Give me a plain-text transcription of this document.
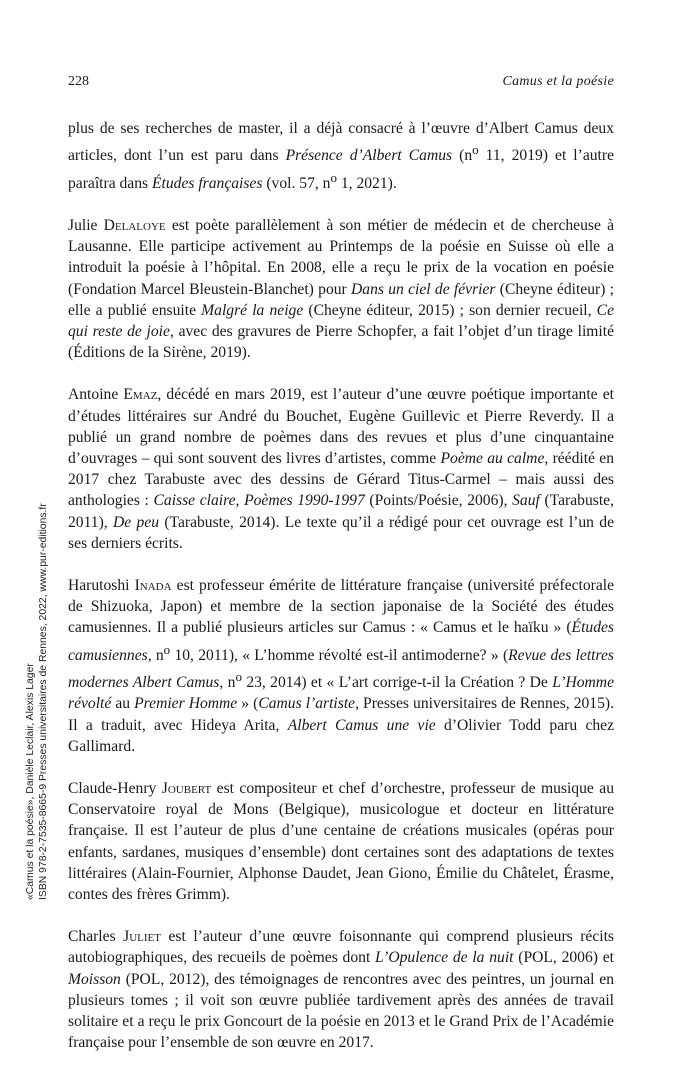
228	Camus et la poésie

plus de ses recherches de master, il a déjà consacré à l’œuvre d’Albert Camus deux articles, dont l’un est paru dans Présence d’Albert Camus ($n^o$ 11, 2019) et l’autre paraîtra dans Études françaises (vol. 57, $n^o$ 1, 2021).

Julie Delaloye est poète parallèlement à son métier de médecin et de chercheuse à Lausanne. Elle participe activement au Printemps de la poésie en Suisse où elle a introduit la poésie à l’hôpital. En 2008, elle a reçu le prix de la vocation en poésie (Fondation Marcel Bleustein-Blanchet) pour Dans un ciel de février (Cheyne éditeur) ; elle a publié ensuite Malgré la neige (Cheyne éditeur, 2015) ; son dernier recueil, Ce qui reste de joie, avec des gravures de Pierre Schopfer, a fait l’objet d’un tirage limité (Éditions de la Sirène, 2019).

Antoine Emaz, décédé en mars 2019, est l’auteur d’une œuvre poétique importante et d’études littéraires sur André du Bouchet, Eugène Guillevic et Pierre Reverdy. Il a publié un grand nombre de poèmes dans des revues et plus d’une cinquantaine d’ouvrages – qui sont souvent des livres d’artistes, comme Poème au calme, réédité en 2017 chez Tarabuste avec des dessins de Gérard Titus-Carmel – mais aussi des anthologies : Caisse claire, Poèmes 1990-1997 (Points/Poésie, 2006), Sauf (Tarabuste, 2011), De peu (Tarabuste, 2014). Le texte qu’il a rédigé pour cet ouvrage est l’un de ses derniers écrits.

Harutoshi Inada est professeur émérite de littérature française (université préfectorale de Shizuoka, Japon) et membre de la section japonaise de la Société des études camusiennes. Il a publié plusieurs articles sur Camus : « Camus et le haïku » (Études camusiennes, $n^o$ 10, 2011), « L’homme révolté est-il antimoderne? » (Revue des lettres modernes Albert Camus, $n^o$ 23, 2014) et « L’art corrige-t-il la Création ? De L’Homme révolté au Premier Homme » (Camus l’artiste, Presses universitaires de Rennes, 2015). Il a traduit, avec Hideya Arita, Albert Camus une vie d’Olivier Todd paru chez Gallimard.

Claude-Henry Joubert est compositeur et chef d’orchestre, professeur de musique au Conservatoire royal de Mons (Belgique), musicologue et docteur en littérature française. Il est l’auteur de plus d’une centaine de créations musicales (opéras pour enfants, sardanes, musiques d’ensemble) dont certaines sont des adaptations de textes littéraires (Alain-Fournier, Alphonse Daudet, Jean Giono, Émilie du Châtelet, Érasme, contes des frères Grimm).

Charles Juliet est l’auteur d’une œuvre foisonnante qui comprend plusieurs récits autobiographiques, des recueils de poèmes dont L’Opulence de la nuit (POL, 2006) et Moisson (POL, 2012), des témoignages de rencontres avec des peintres, un journal en plusieurs tomes ; il voit son œuvre publiée tardivement après des années de travail solitaire et a reçu le prix Goncourt de la poésie en 2013 et le Grand Prix de l’Académie française pour l’ensemble de son œuvre en 2017.

«Camus et la poésie», Danièle Leclair, Alexis Lager ISBN 978-2-7535-8665-9 Presses universitaires de Rennes, 2022, www.pur-editions.fr
